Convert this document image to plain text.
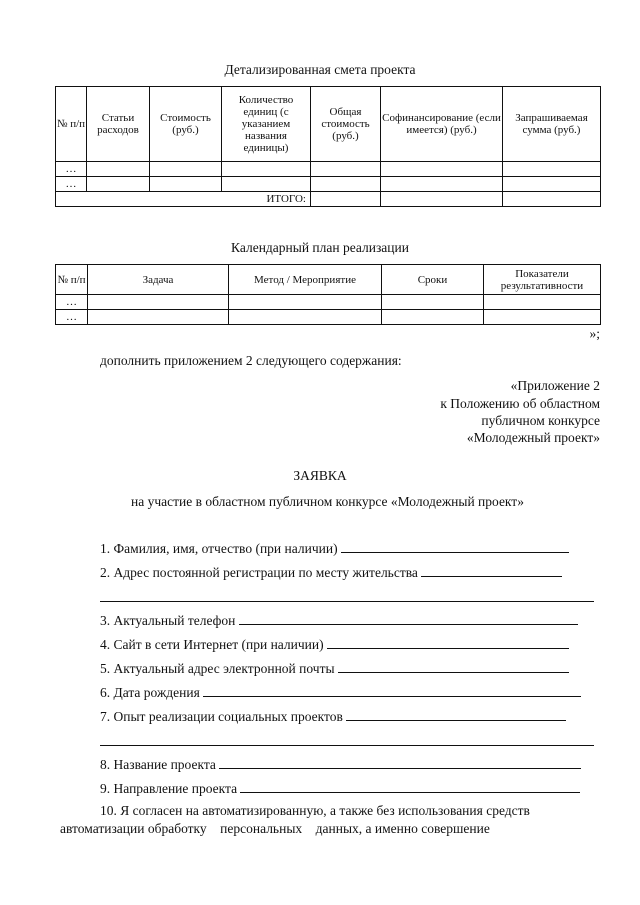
Детализированная смета проекта
№ п/п	Статьи расходов	Стоимость (руб.)	Количество единиц (с указанием названия единицы)	Общая стоимость (руб.)	Софинансирование (если имеется) (руб.)	Запрашиваемая сумма (руб.)
…						
…						
ИТОГО:						
Календарный план реализации
№ п/п	Задача	Метод / Мероприятие	Сроки	Показатели результативности
…				
…				
»;
дополнить приложением 2 следующего содержания:
«Приложение 2
к Положению об областном
публичном конкурсе
«Молодежный проект»
ЗАЯВКА
на участие в областном публичном конкурсе «Молодежный проект»
1. Фамилия, имя, отчество (при наличии)
2. Адрес постоянной регистрации по месту жительства
3. Актуальный телефон
4. Сайт в сети Интернет (при наличии)
5. Актуальный адрес электронной почты
6. Дата рождения
7. Опыт реализации социальных проектов
8. Название проекта
9. Направление проекта
10. Я согласен на автоматизированную, а также без использования средств
автоматизации обработку    персональных    данных, а именно совершение
